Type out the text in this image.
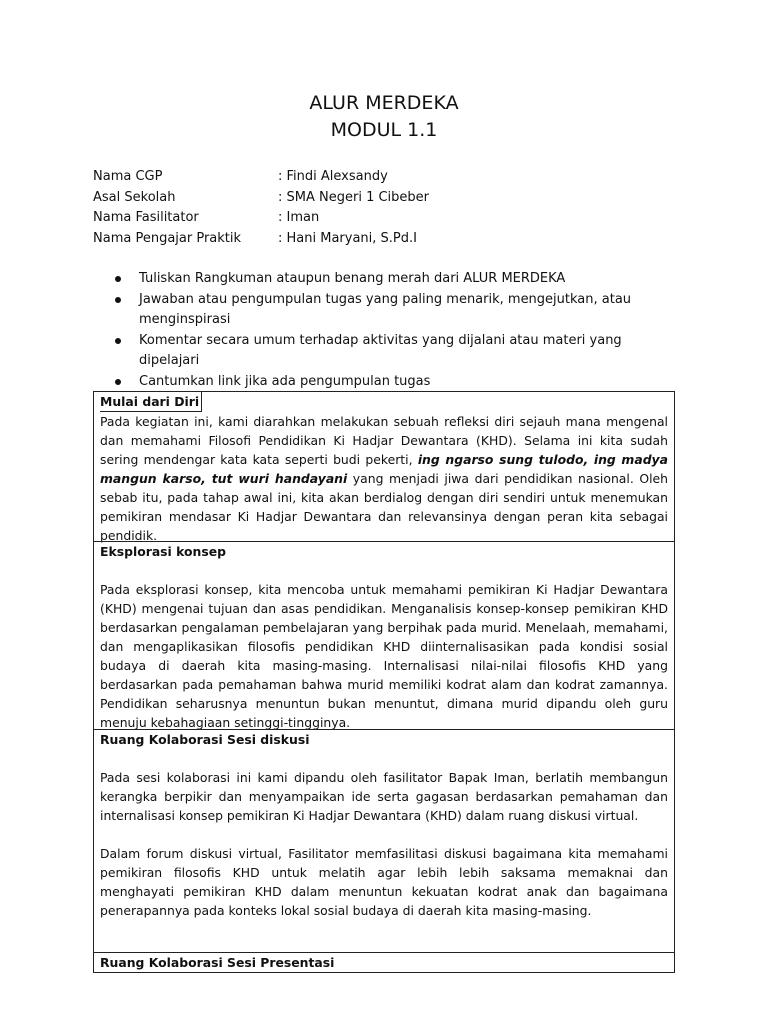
ALUR MERDEKA
MODUL 1.1
Nama CGP	: Findi Alexsandy
Asal Sekolah	: SMA Negeri 1 Cibeber
Nama Fasilitator	: Iman
Nama Pengajar Praktik	: Hani Maryani, S.Pd.I
Tuliskan Rangkuman ataupun benang merah dari ALUR MERDEKA
Jawaban atau pengumpulan tugas yang paling menarik, mengejutkan, atau menginspirasi
Komentar secara umum terhadap aktivitas yang dijalani atau materi yang dipelajari
Cantumkan link jika ada pengumpulan tugas
Mulai dari Diri

Pada kegiatan ini, kami diarahkan melakukan sebuah refleksi diri sejauh mana mengenal dan memahami Filosofi Pendidikan Ki Hadjar Dewantara (KHD). Selama ini kita sudah sering mendengar kata kata seperti budi pekerti, ing ngarso sung tulodo, ing madya mangun karso, tut wuri handayani yang menjadi jiwa dari pendidikan nasional. Oleh sebab itu, pada tahap awal ini, kita akan berdialog dengan diri sendiri untuk menemukan pemikiran mendasar Ki Hadjar Dewantara dan relevansinya dengan peran kita sebagai pendidik.

Eksplorasi konsep

Pada eksplorasi konsep, kita mencoba untuk memahami pemikiran Ki Hadjar Dewantara (KHD) mengenai tujuan dan asas pendidikan. Menganalisis konsep-konsep pemikiran KHD berdasarkan pengalaman pembelajaran yang berpihak pada murid. Menelaah, memahami, dan mengaplikasikan filosofis pendidikan KHD diinternalisasikan pada kondisi sosial budaya di daerah kita masing-masing. Internalisasi nilai-nilai filosofis KHD yang berdasarkan pada pemahaman bahwa murid memiliki kodrat alam dan kodrat zamannya. Pendidikan seharusnya menuntun bukan menuntut, dimana murid dipandu oleh guru menuju kebahagiaan setinggi-tingginya.

Ruang Kolaborasi Sesi diskusi

Pada sesi kolaborasi ini kami dipandu oleh fasilitator Bapak Iman, berlatih membangun kerangka berpikir dan menyampaikan ide serta gagasan berdasarkan pemahaman dan internalisasi konsep pemikiran Ki Hadjar Dewantara (KHD) dalam ruang diskusi virtual.

Dalam forum diskusi virtual, Fasilitator memfasilitasi diskusi bagaimana kita memahami pemikiran filosofis KHD untuk melatih agar lebih lebih saksama memaknai dan menghayati pemikiran KHD dalam menuntun kekuatan kodrat anak dan bagaimana penerapannya pada konteks lokal sosial budaya di daerah kita masing-masing.

Ruang Kolaborasi Sesi Presentasi
